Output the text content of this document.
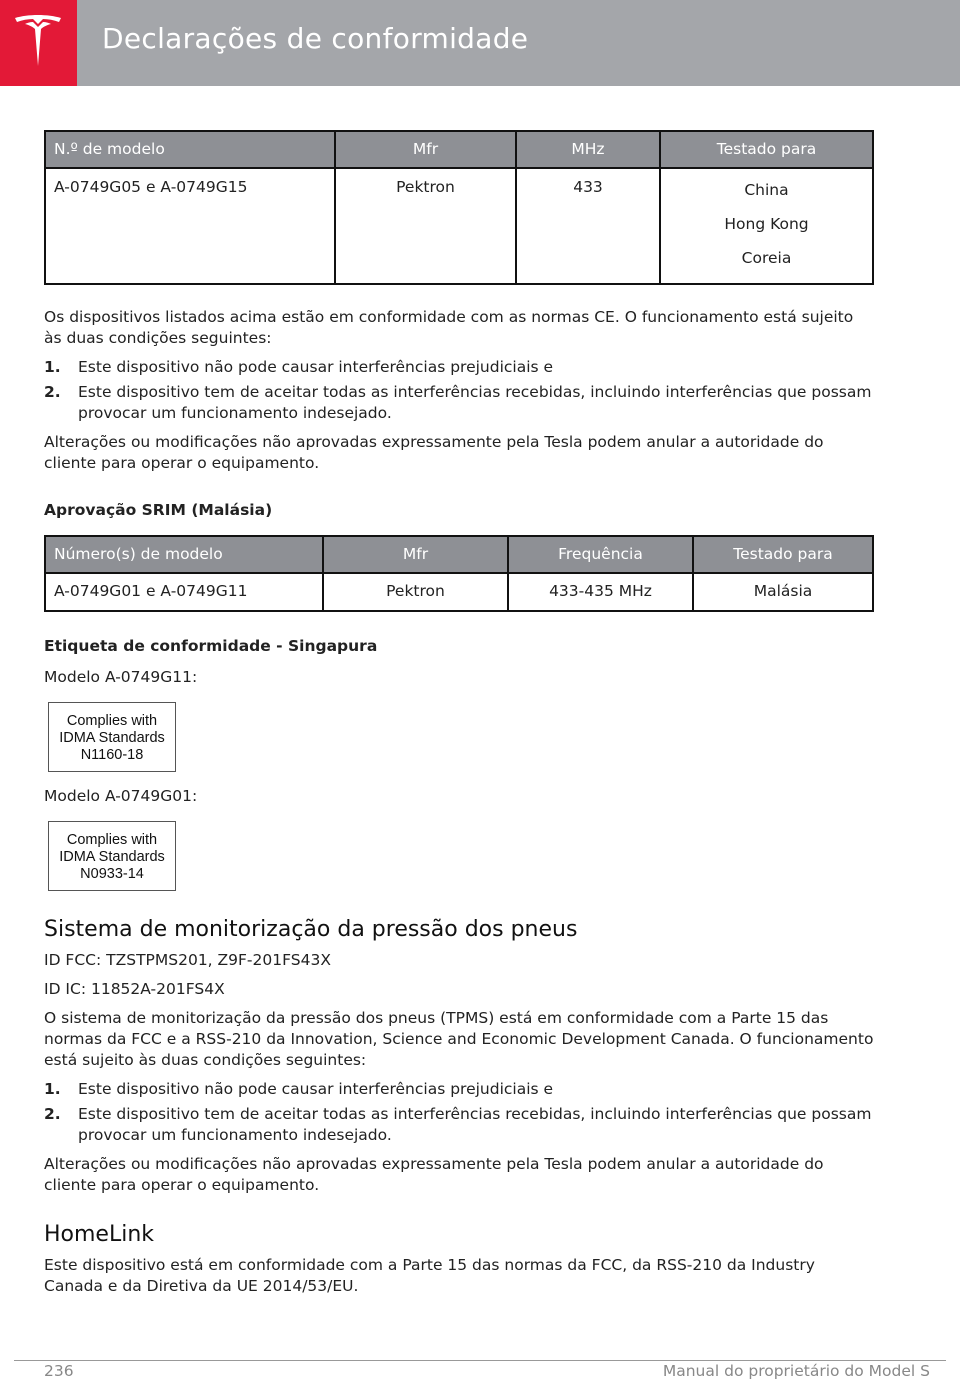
Declarações de conformidade
N.º de modelo	Mfr	MHz	Testado para
A-0749G05 e A-0749G15	Pektron	433	China
Hong Kong
Coreia

Os dispositivos listados acima estão em conformidade com as normas CE. O funcionamento está sujeito às duas condições seguintes:

1. Este dispositivo não pode causar interferências prejudiciais e
2. Este dispositivo tem de aceitar todas as interferências recebidas, incluindo interferências que possam provocar um funcionamento indesejado.

Alterações ou modificações não aprovadas expressamente pela Tesla podem anular a autoridade do cliente para operar o equipamento.

Aprovação SRIM (Malásia)
Número(s) de modelo	Mfr	Frequência	Testado para
A-0749G01 e A-0749G11	Pektron	433-435 MHz	Malásia
Etiqueta de conformidade - Singapura

Modelo A-0749G11:

Complies with
IDMA Standards
N1160-18

Modelo A-0749G01:

Complies with
IDMA Standards
N0933-14
Sistema de monitorização da pressão dos pneus

ID FCC: TZSTPMS201, Z9F-201FS43X

ID IC: 11852A-201FS4X

O sistema de monitorização da pressão dos pneus (TPMS) está em conformidade com a Parte 15 das normas da FCC e a RSS-210 da Innovation, Science and Economic Development Canada. O funcionamento está sujeito às duas condições seguintes:

1. Este dispositivo não pode causar interferências prejudiciais e
2. Este dispositivo tem de aceitar todas as interferências recebidas, incluindo interferências que possam provocar um funcionamento indesejado.

Alterações ou modificações não aprovadas expressamente pela Tesla podem anular a autoridade do cliente para operar o equipamento.

HomeLink

Este dispositivo está em conformidade com a Parte 15 das normas da FCC, da RSS-210 da Industry Canada e da Diretiva da UE 2014/53/EU.

236	Manual do proprietário do Model S
